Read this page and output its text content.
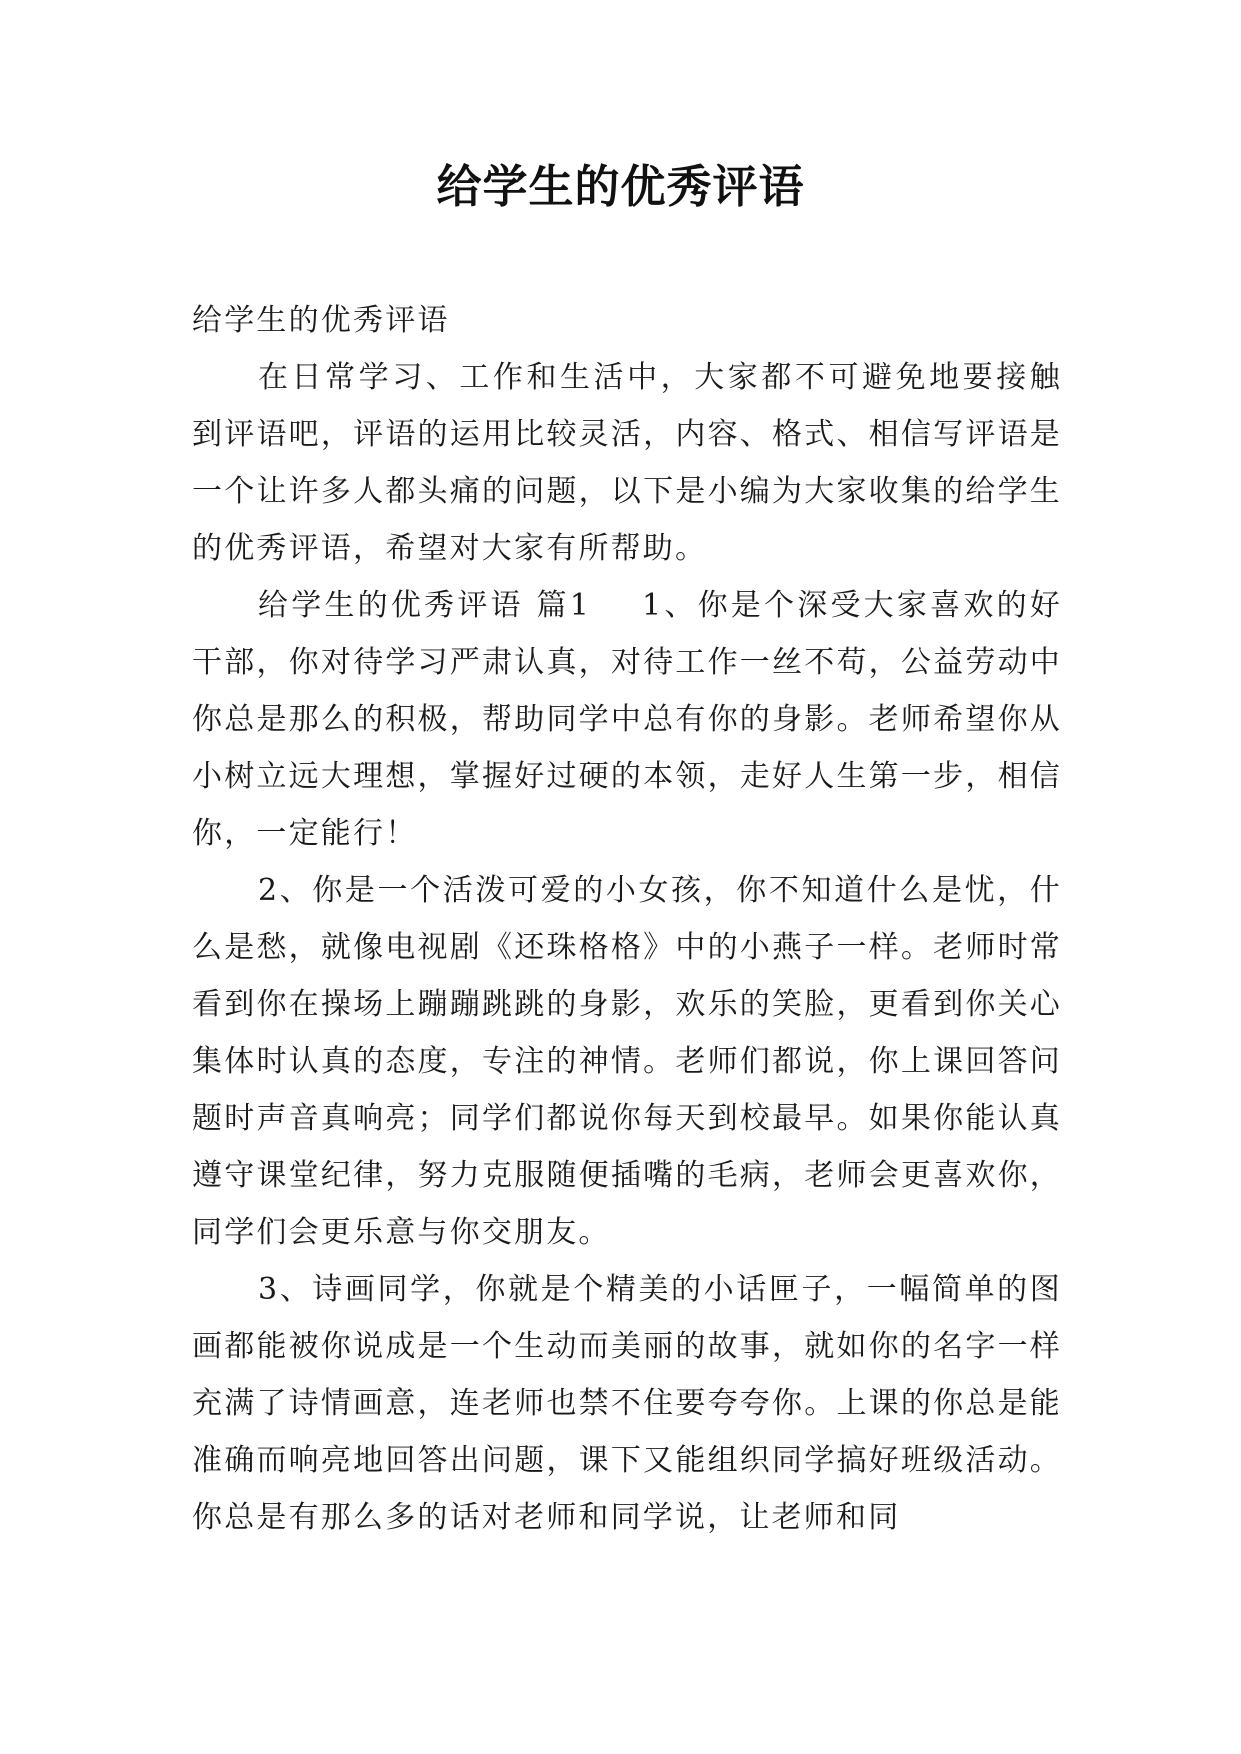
给学生的优秀评语

给学生的优秀评语

在日常学习、工作和生活中，大家都不可避免地要接触到评语吧，评语的运用比较灵活，内容、格式、相信写评语是一个让许多人都头痛的问题，以下是小编为大家收集的给学生的优秀评语，希望对大家有所帮助。

给学生的优秀评语 篇1    1、你是个深受大家喜欢的好干部，你对待学习严肃认真，对待工作一丝不苟，公益劳动中你总是那么的积极，帮助同学中总有你的身影。老师希望你从小树立远大理想，掌握好过硬的本领，走好人生第一步，相信你，一定能行！

2、你是一个活泼可爱的小女孩，你不知道什么是忧，什么是愁，就像电视剧《还珠格格》中的小燕子一样。老师时常看到你在操场上蹦蹦跳跳的身影，欢乐的笑脸，更看到你关心集体时认真的态度，专注的神情。老师们都说，你上课回答问题时声音真响亮；同学们都说你每天到校最早。如果你能认真遵守课堂纪律，努力克服随便插嘴的毛病，老师会更喜欢你，同学们会更乐意与你交朋友。

3、诗画同学，你就是个精美的小话匣子，一幅简单的图画都能被你说成是一个生动而美丽的故事，就如你的名字一样充满了诗情画意，连老师也禁不住要夸夸你。上课的你总是能准确而响亮地回答出问题，课下又能组织同学搞好班级活动。你总是有那么多的话对老师和同学说，让老师和同
